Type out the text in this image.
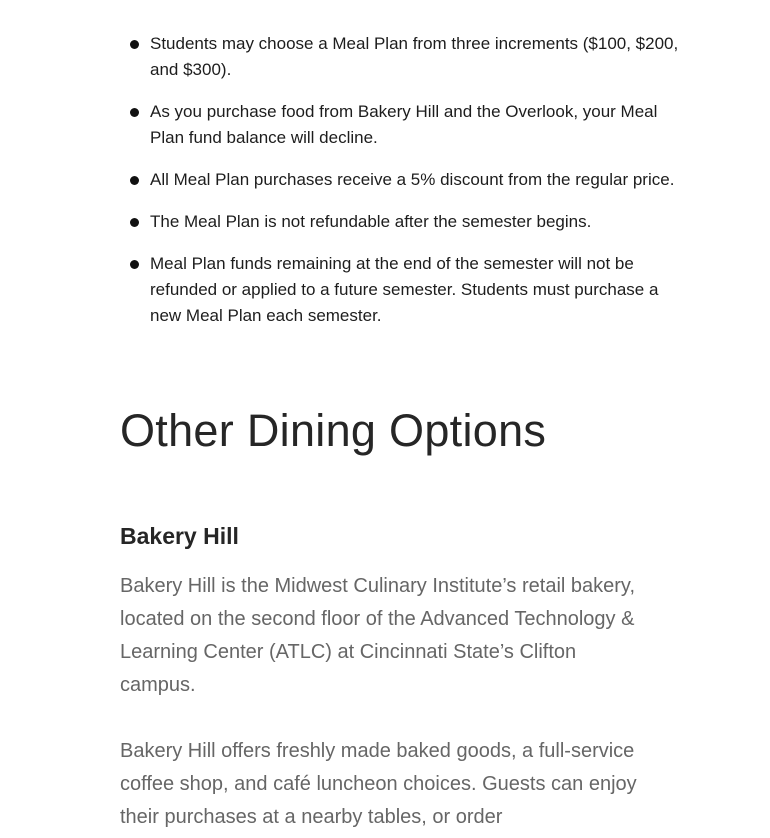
Students may choose a Meal Plan from three increments ($100, $200, and $300).
As you purchase food from Bakery Hill and the Overlook, your Meal Plan fund balance will decline.
All Meal Plan purchases receive a 5% discount from the regular price.
The Meal Plan is not refundable after the semester begins.
Meal Plan funds remaining at the end of the semester will not be refunded or applied to a future semester. Students must purchase a new Meal Plan each semester.
Other Dining Options
Bakery Hill

Bakery Hill is the Midwest Culinary Institute’s retail bakery, located on the second floor of the Advanced Technology & Learning Center (ATLC) at Cincinnati State’s Clifton campus.

Bakery Hill offers freshly made baked goods, a full-service coffee shop, and café luncheon choices. Guests can enjoy their purchases at a nearby tables, or order
